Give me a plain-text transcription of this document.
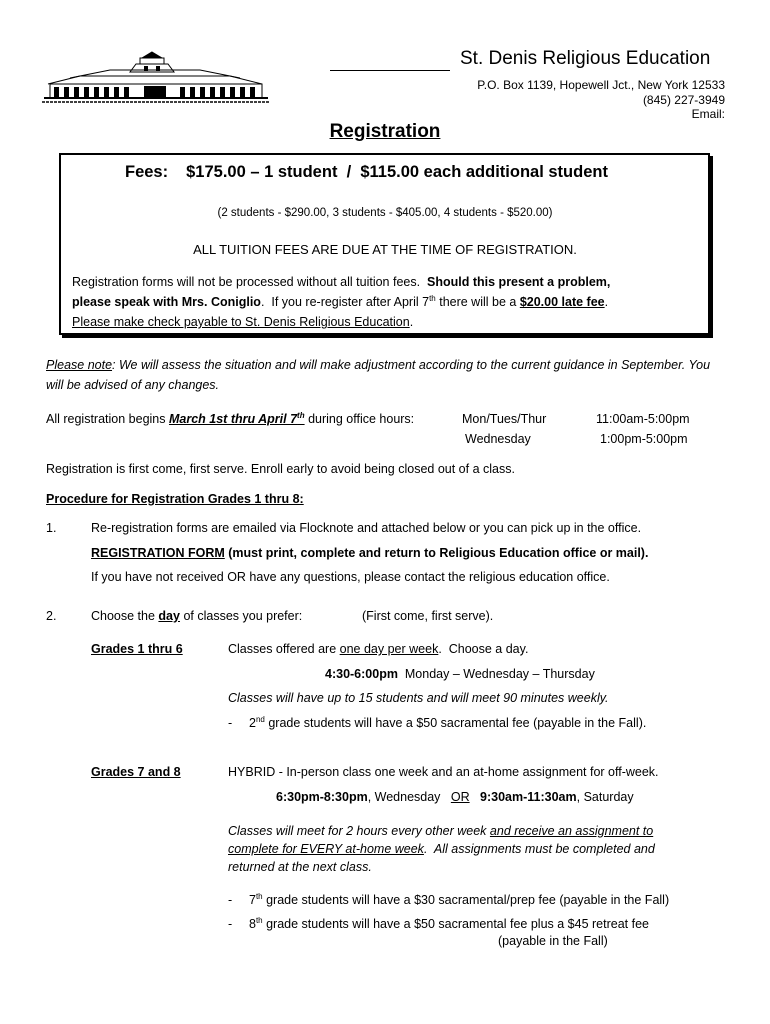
St. Denis Religious Education
P.O. Box 1139, Hopewell Jct., New York 12533
(845) 227-3949
Email:
Registration
Fees: $175.00 – 1 student  /  $115.00 each additional student
(2 students - $290.00, 3 students - $405.00, 4 students - $520.00)
ALL TUITION FEES ARE DUE AT THE TIME OF REGISTRATION.
Registration forms will not be processed without all tuition fees.  Should this present a problem,
please speak with Mrs. Coniglio.  If you re-register after April 7th there will be a $20.00 late fee.
Please make check payable to St. Denis Religious Education.
Please note: We will assess the situation and will make adjustment according to the current guidance in September. You will be advised of any changes.
All registration begins March 1st thru April 7th during office hours:	Mon/Tues/Thur	11:00am-5:00pm
Wednesday	1:00pm-5:00pm
Registration is first come, first serve. Enroll early to avoid being closed out of a class.
Procedure for Registration Grades 1 thru 8:
1.	Re-registration forms are emailed via Flocknote and attached below or you can pick up in the office.
REGISTRATION FORM (must print, complete and return to Religious Education office or mail).
If you have not received OR have any questions, please contact the religious education office.
2.	Choose the day of classes you prefer:	(First come, first serve).
Grades 1 thru 6	Classes offered are one day per week.  Choose a day.
4:30-6:00pm  Monday – Wednesday – Thursday
Classes will have up to 15 students and will meet 90 minutes weekly.
- 2nd grade students will have a $50 sacramental fee (payable in the Fall).
Grades 7 and 8	HYBRID - In-person class one week and an at-home assignment for off-week.
6:30pm-8:30pm, Wednesday   OR 9:30am-11:30am, Saturday
Classes will meet for 2 hours every other week and receive an assignment to
complete for EVERY at-home week.  All assignments must be completed and
returned at the next class.
- 7th grade students will have a $30 sacramental/prep fee (payable in the Fall)
- 8th grade students will have a $50 sacramental fee plus a $45 retreat fee
(payable in the Fall)
